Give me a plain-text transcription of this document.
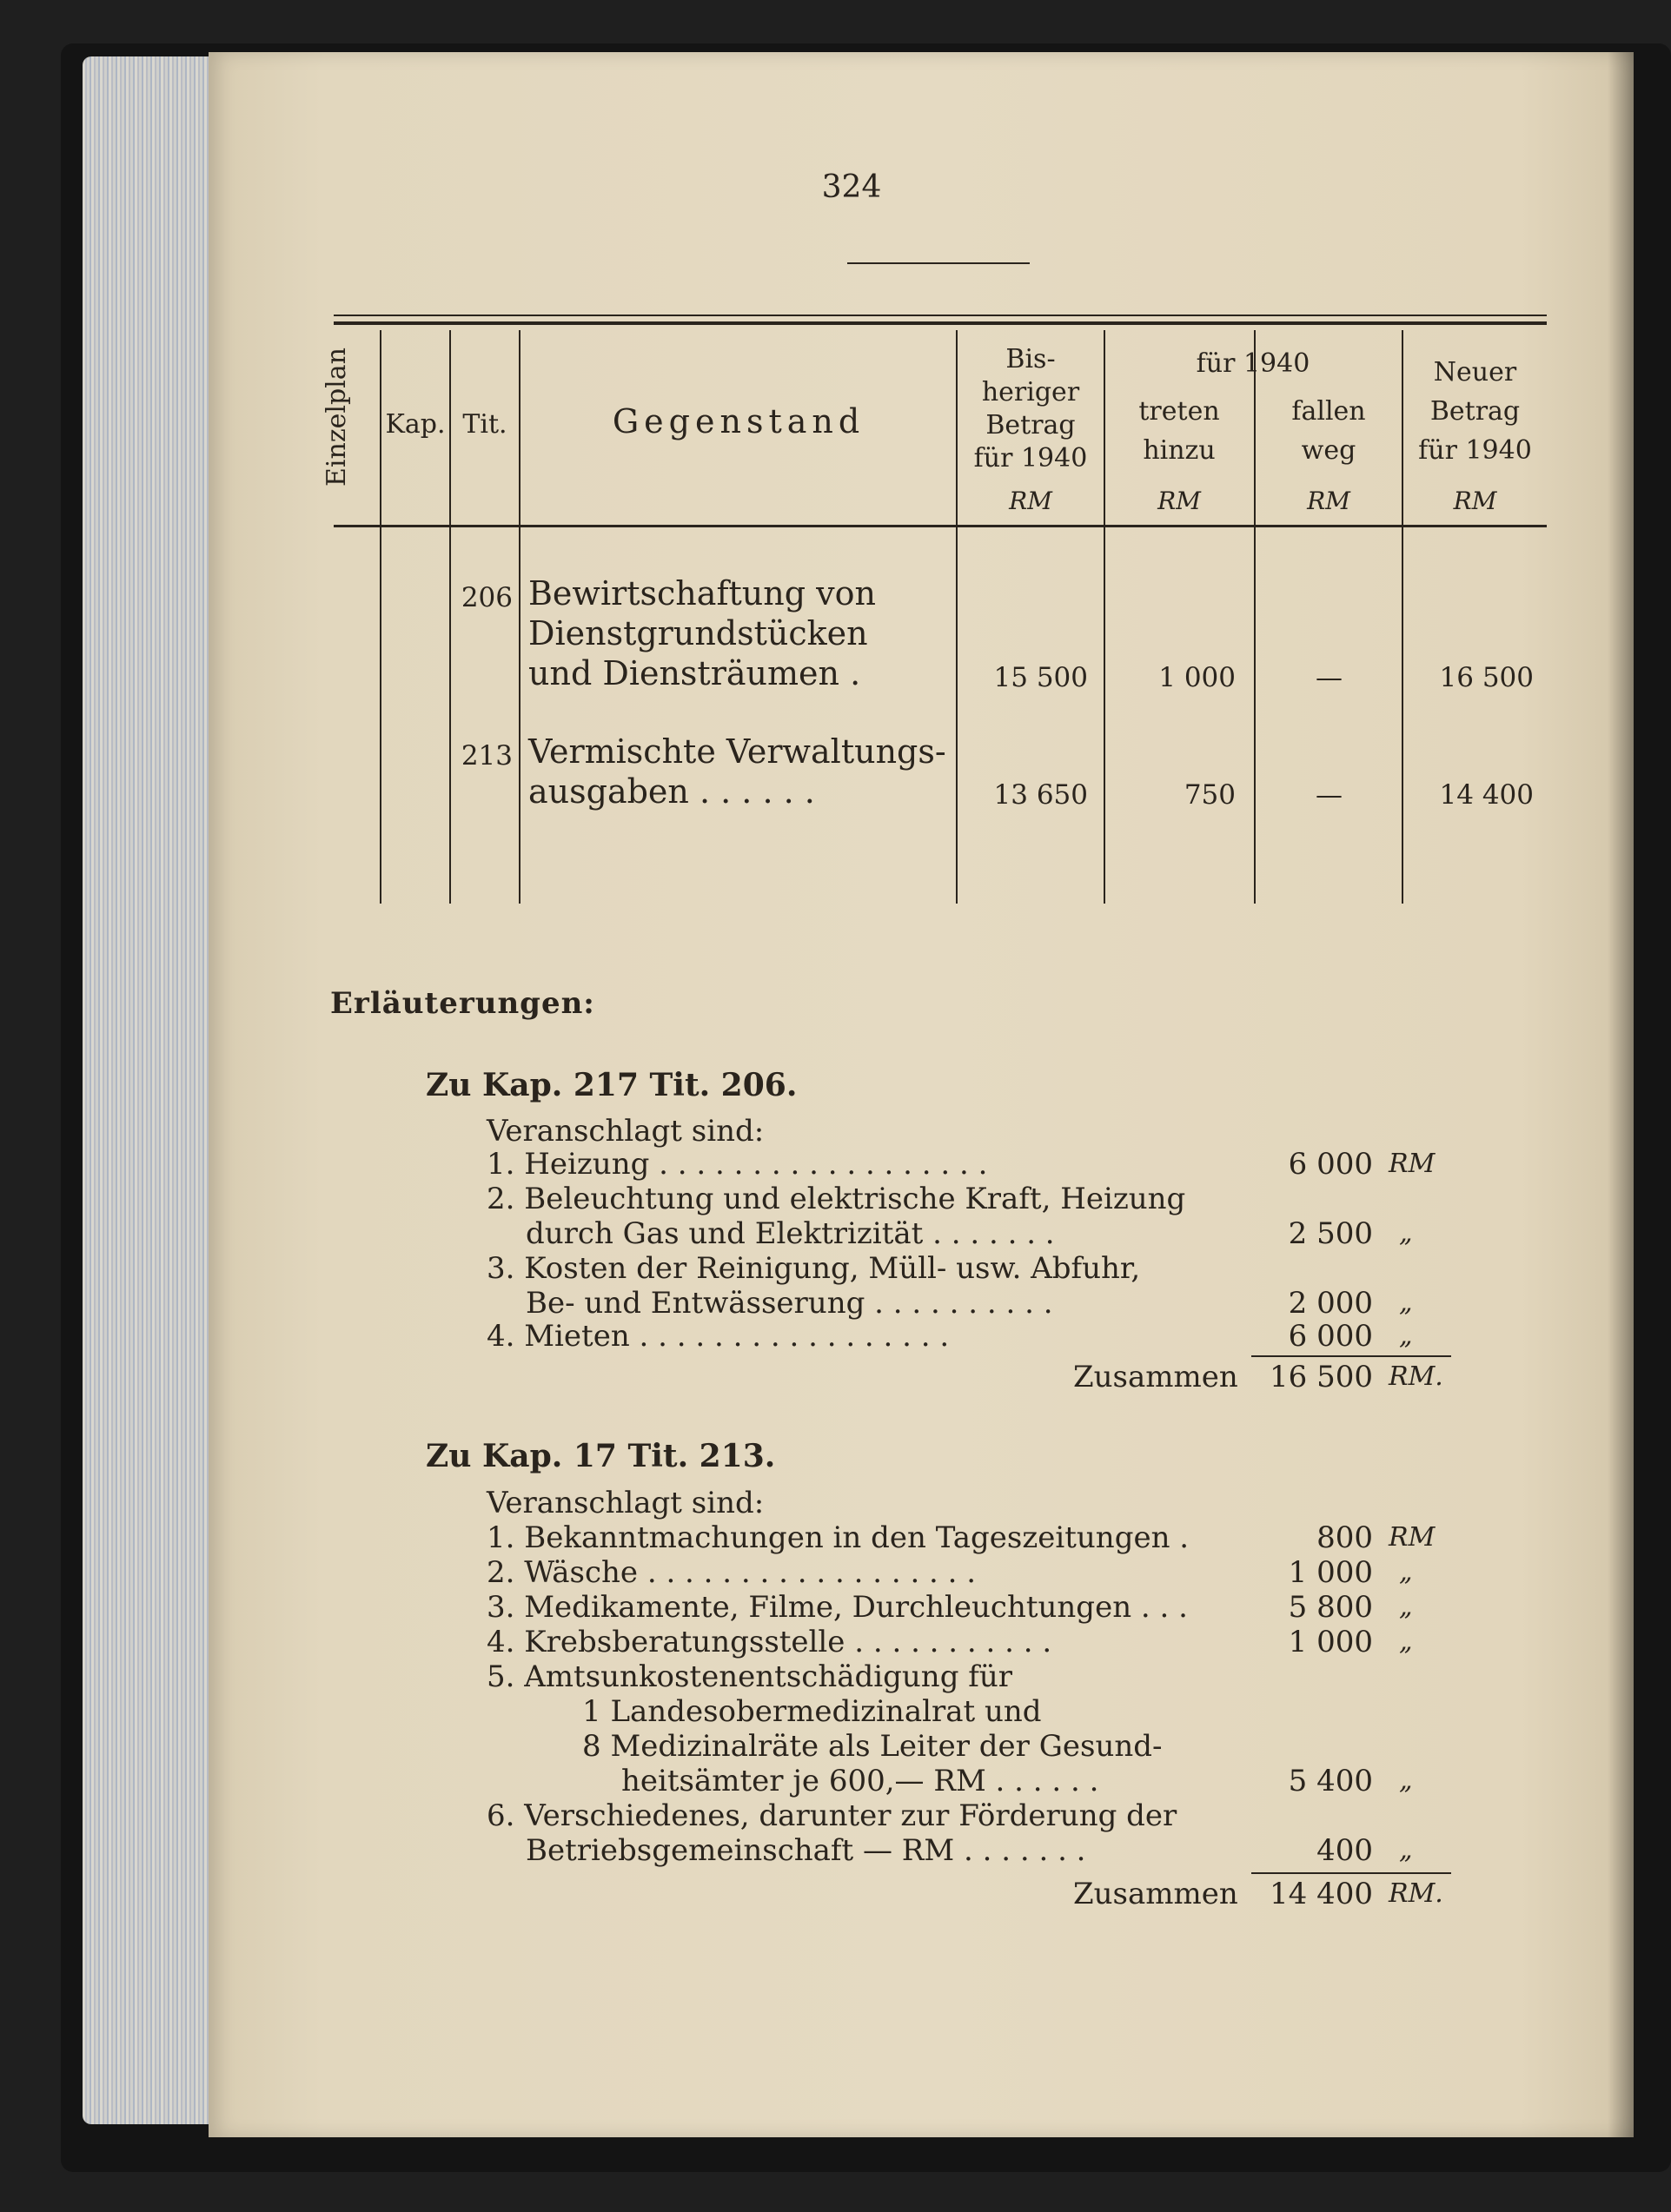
324
Einzelplan Kap. Tit.	Gegenstand
Bis-
heriger
Betrag
für 1940
RM
für 1940
treten
hinzu
RM
fallen
weg
RM
Neuer
Betrag
für 1940
RM
206 Bewirtschaftung von
Dienstgrundstücken
und Diensträumen .	15 500	1 000	—	16 500
213 Vermischte Verwaltungs-
ausgaben . . . . . .	13 650	750	—	14 400
Erläuterungen:
Zu Kap. 217 Tit. 206.
Veranschlagt sind:
1. Heizung . . . . . . . . . . . . . . . . . .	6 000 RM
2. Beleuchtung und elektrische Kraft, Heizung
durch Gas und Elektrizität . . . . . . .	2 500 „
3. Kosten der Reinigung, Müll- usw. Abfuhr,
Be- und Entwässerung . . . . . . . . . .	2 000 „
4. Mieten . . . . . . . . . . . . . . . . .	6 000 „
Zusammen	16 500 RM.
Zu Kap. 17 Tit. 213.
Veranschlagt sind:
1. Bekanntmachungen in den Tageszeitungen .	800 RM
2. Wäsche . . . . . . . . . . . . . . . . . .	1 000 „
3. Medikamente, Filme, Durchleuchtungen . . .	5 800 „
4. Krebsberatungsstelle . . . . . . . . . . .	1 000 „
5. Amtsunkostenentschädigung für
1 Landesobermedizinalrat und
8 Medizinalräte als Leiter der Gesund-
heitsämter je 600,— RM . . . . . .	5 400 „
6. Verschiedenes, darunter zur Förderung der
Betriebsgemeinschaft — RM . . . . . . .	400 „
Zusammen	14 400 RM.
